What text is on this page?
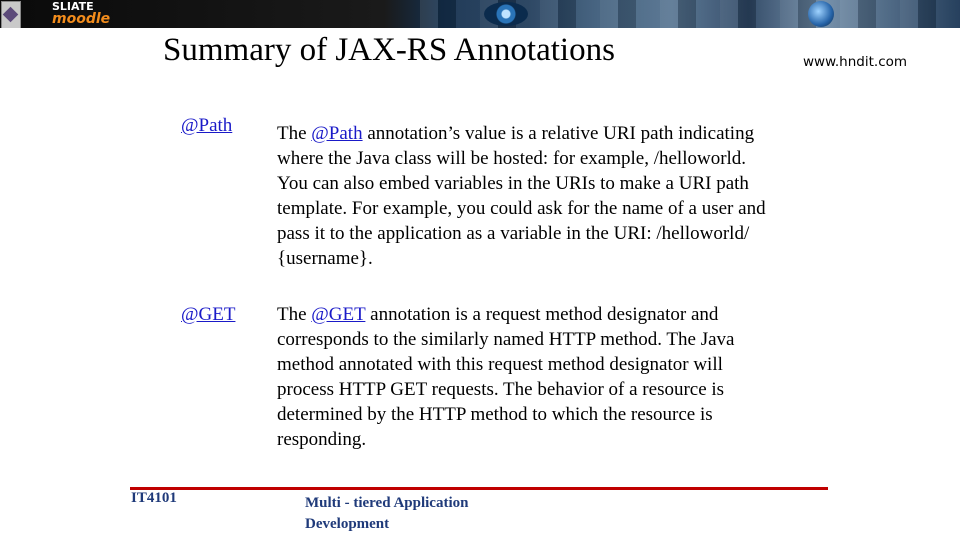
SLIATE
moodle
Summary of JAX-RS Annotations	www.hndit.com
@Path The @Path annotation’s value is a relative URI path indicating where the Java class will be hosted: for example, /helloworld. You can also embed variables in the URIs to make a URI path template. For example, you could ask for the name of a user and pass it to the application as a variable in the URI: /helloworld/ {username}.
@GET The @GET annotation is a request method designator and corresponds to the similarly named HTTP method. The Java method annotated with this request method designator will process HTTP GET requests. The behavior of a resource is determined by the HTTP method to which the resource is responding.
IT4101	Multi - tiered Application Development
